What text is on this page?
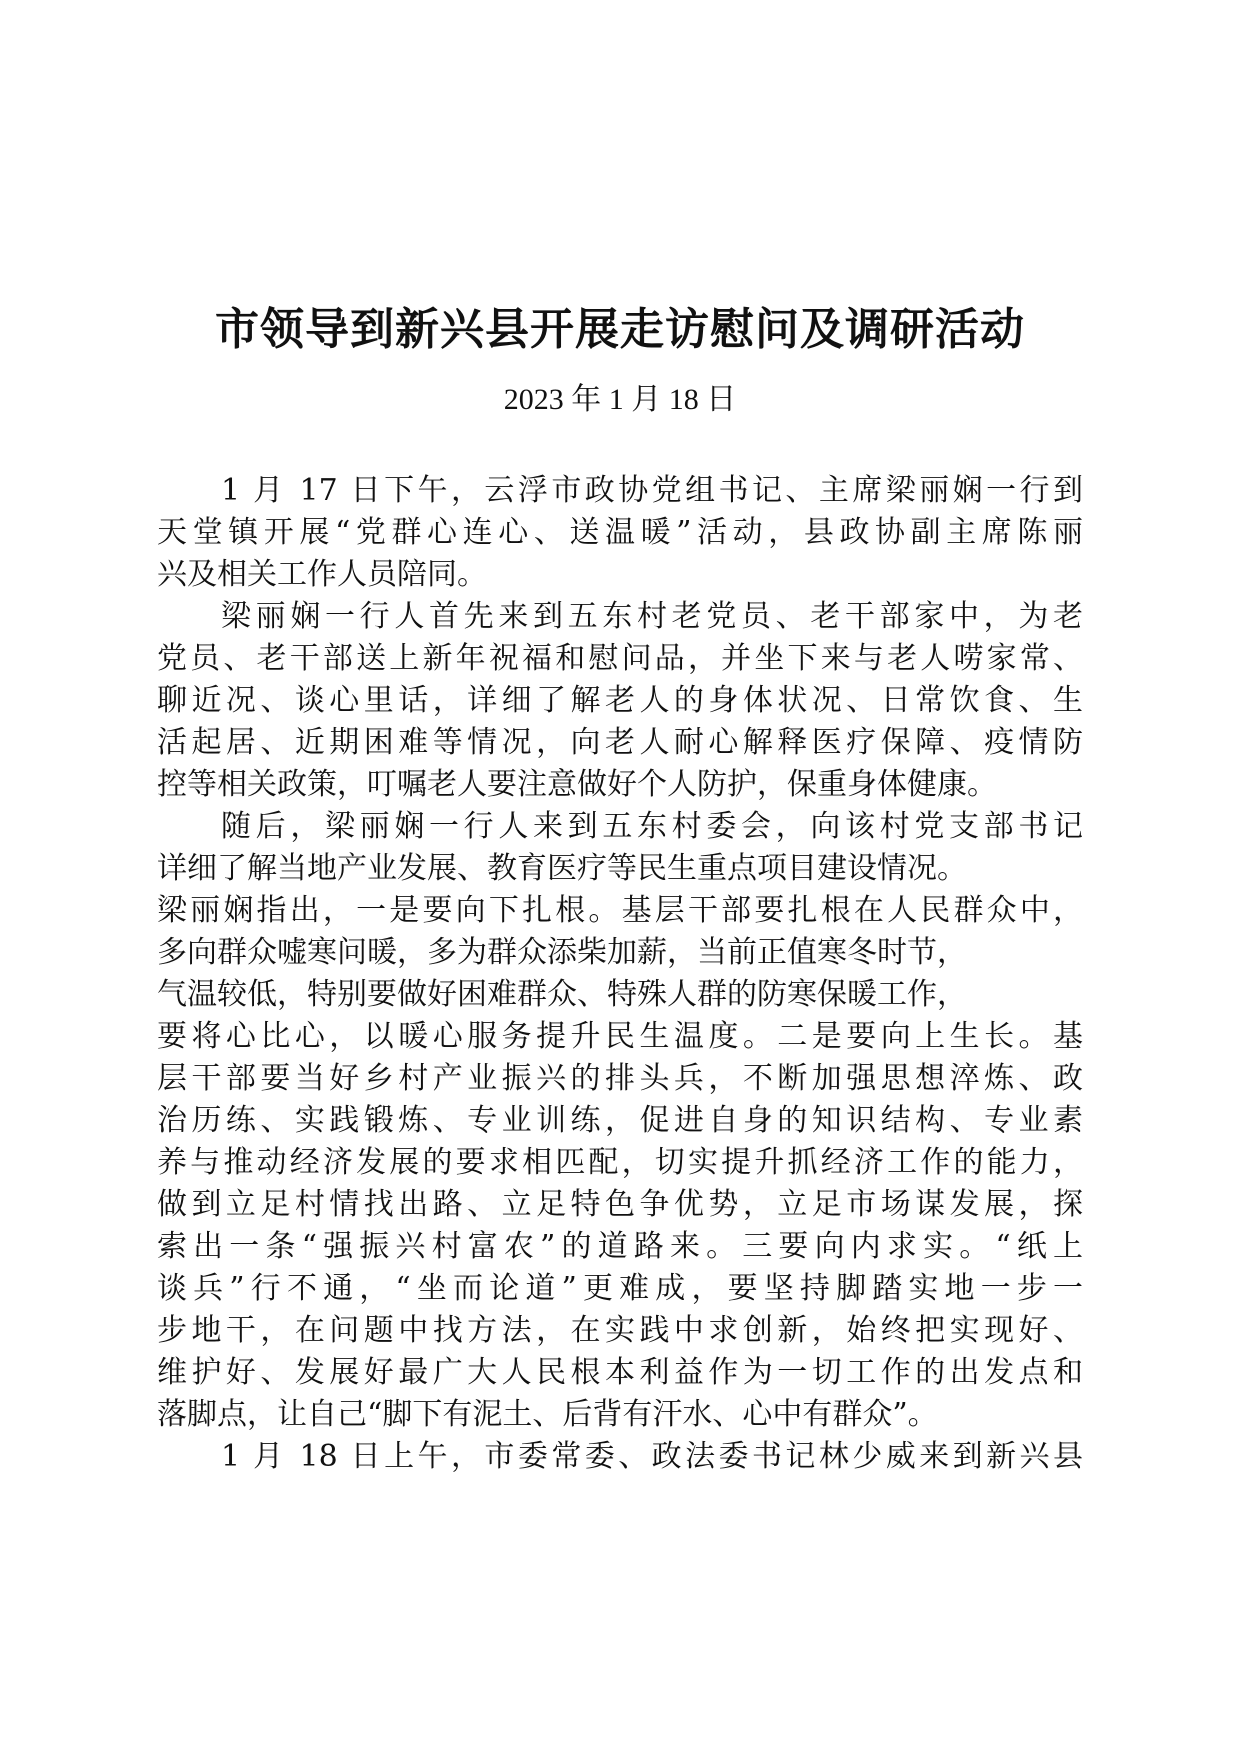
市领导到新兴县开展走访慰问及调研活动
2023 年 1 月 18 日
1 月 17 日下午，云浮市政协党组书记、主席梁丽娴一行到
天堂镇开展“党群心连心、送温暖”活动，县政协副主席陈丽
兴及相关工作人员陪同。
梁丽娴一行人首先来到五东村老党员、老干部家中，为老
党员、老干部送上新年祝福和慰问品，并坐下来与老人唠家常、
聊近况、谈心里话，详细了解老人的身体状况、日常饮食、生
活起居、近期困难等情况，向老人耐心解释医疗保障、疫情防
控等相关政策，叮嘱老人要注意做好个人防护，保重身体健康。
随后，梁丽娴一行人来到五东村委会，向该村党支部书记
详细了解当地产业发展、教育医疗等民生重点项目建设情况。
梁丽娴指出，一是要向下扎根。基层干部要扎根在人民群众中，
多向群众嘘寒问暖，多为群众添柴加薪，当前正值寒冬时节，
气温较低，特别要做好困难群众、特殊人群的防寒保暖工作，
要将心比心，以暖心服务提升民生温度。二是要向上生长。基
层干部要当好乡村产业振兴的排头兵，不断加强思想淬炼、政
治历练、实践锻炼、专业训练，促进自身的知识结构、专业素
养与推动经济发展的要求相匹配，切实提升抓经济工作的能力，
做到立足村情找出路、立足特色争优势，立足市场谋发展，探
索出一条“强振兴村富农”的道路来。三要向内求实。“纸上
谈兵”行不通，“坐而论道”更难成，要坚持脚踏实地一步一
步地干，在问题中找方法，在实践中求创新，始终把实现好、
维护好、发展好最广大人民根本利益作为一切工作的出发点和
落脚点，让自己“脚下有泥土、后背有汗水、心中有群众”。
1 月 18 日上午，市委常委、政法委书记林少威来到新兴县
